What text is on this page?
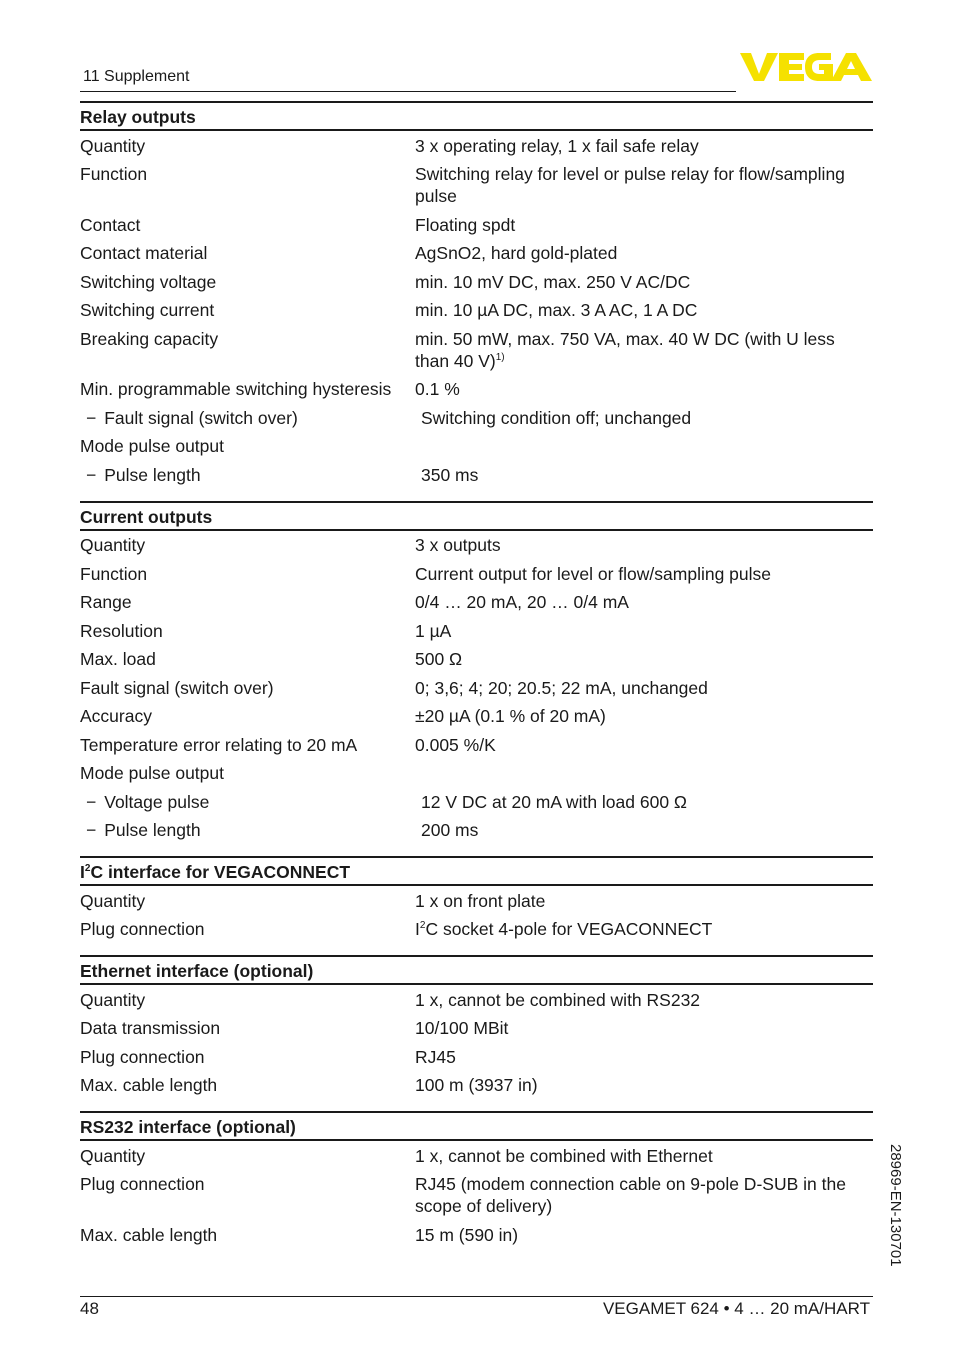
11 Supplement
Relay outputs
Quantity	3 x operating relay, 1 x fail safe relay
Function	Switching relay for level or pulse relay for flow/sampling pulse
Contact	Floating spdt
Contact material	AgSnO2, hard gold-plated
Switching voltage	min. 10 mV DC, max. 250 V AC/DC
Switching current	min. 10 µA DC, max. 3 A AC, 1 A DC
Breaking capacity	min. 50 mW, max. 750 VA, max. 40 W DC (with U less than 40 V)$^{1)}$
Min. programmable switching hysteresis	0.1 %
− Fault signal (switch over)	Switching condition off; unchanged
Mode pulse output
− Pulse length	350 ms
Current outputs
Quantity	3 x outputs
Function	Current output for level or flow/sampling pulse
Range	0/4 … 20 mA, 20 … 0/4 mA
Resolution	1 µA
Max. load	500 Ω
Fault signal (switch over)	0; 3,6; 4; 20; 20.5; 22 mA, unchanged
Accuracy	±20 µA (0.1 % of 20 mA)
Temperature error relating to 20 mA	0.005 %/K
Mode pulse output
− Voltage pulse	12 V DC at 20 mA with load 600 Ω
− Pulse length	200 ms
$I^2C$ interface for VEGACONNECT
Quantity	1 x on front plate
Plug connection	$I^2C$ socket 4-pole for VEGACONNECT
Ethernet interface (optional)
Quantity	1 x, cannot be combined with RS232
Data transmission	10/100 MBit
Plug connection	RJ45
Max. cable length	100 m (3937 in)
RS232 interface (optional)
Quantity	1 x, cannot be combined with Ethernet
Plug connection	RJ45 (modem connection cable on 9-pole D-SUB in the scope of delivery)
Max. cable length	15 m (590 in)
48	VEGAMET 624 • 4 … 20 mA/HART
28969-EN-130701
